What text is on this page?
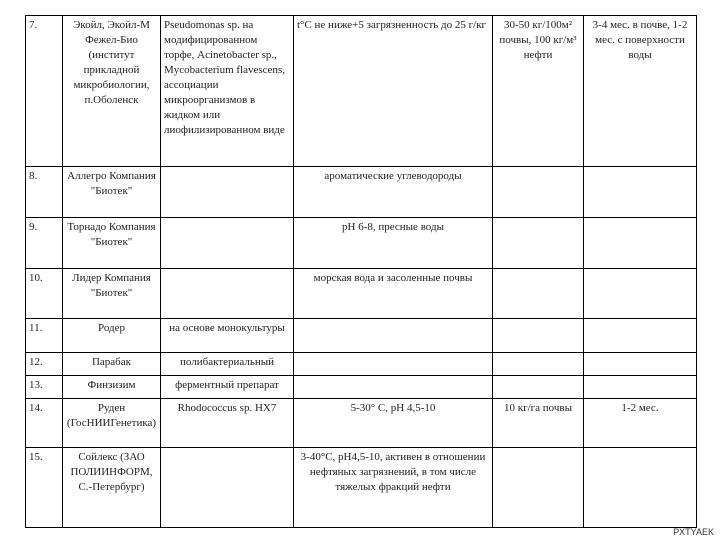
7.	Экойл, Экойл-М Фежел-Био (институт прикладной микробиологии, п.Оболенск	Pseudomonas sp. на модифицированном торфе, Acinetobacter sp., Mycobacterium flavescens, ассоциации микроорганизмов в жидком или лиофилизированном виде	t°C не ниже+5 загрязненность до 25 г/кг	30-50 кг/100м² почвы, 100 кг/м³ нефти	3-4 мес. в почве, 1-2 мес. с поверхности воды
8.	Аллегро Компания "Биотек"		ароматические углеводороды		
9.	Торнадо Компания "Биотек"		pH 6-8, пресные воды		
10.	Лидер Компания "Биотек"		морская вода и засоленные почвы		
11.	Родер	на основе монокультуры			
12.	Парабак	полибактериальный			
13.	Финзизим	ферментный препарат			
14.	Руден (ГосНИИГенетика)	Rhodococcus sp. HX7	5-30° C, pH 4,5-10	10 кг/га почвы	1-2 мес.
15.	Сойлекс (ЗАО ПОЛИИНФОРМ, С.-Петербург)		3-40°C, pH4,5-10, активен в отношении нефтяных загрязнений, в том числе тяжелых фракций нефти		
PXTYAEK
